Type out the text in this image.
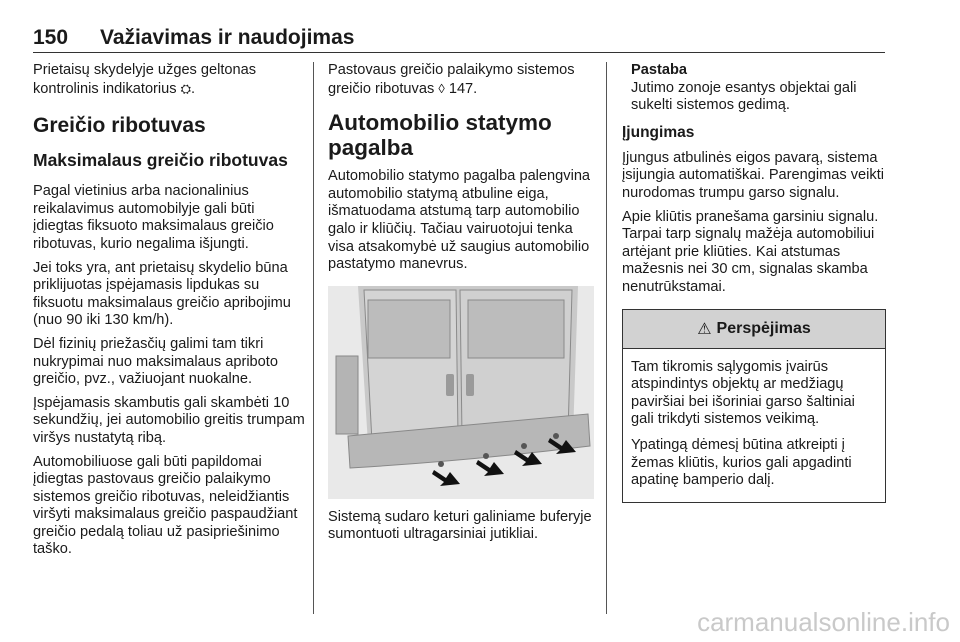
150 Važiavimas ir naudojimas

Prietaisų skydelyje užges geltonas kontrolinis indikatorius ⛭.

Greičio ribotuvas
Maksimalaus greičio ribotuvas

Pagal vietinius arba nacionalinius reikalavimus automobilyje gali būti įdiegtas fiksuoto maksimalaus greičio ribotuvas, kurio negalima išjungti.

Jei toks yra, ant prietaisų skydelio būna priklijuotas įspėjamasis lipdukas su fiksuotu maksimalaus greičio apribojimu (nuo 90 iki 130 km/h).

Dėl fizinių priežasčių galimi tam tikri nukrypimai nuo maksimalaus apriboto greičio, pvz., važiuojant nuokalne.

Įspėjamasis skambutis gali skambėti 10 sekundžių, jei automobilio greitis trumpam viršys nustatytą ribą.

Automobiliuose gali būti papildomai įdiegtas pastovaus greičio palaikymo sistemos greičio ribotuvas, neleidžiantis viršyti maksimalaus greičio paspaudžiant greičio pedalą toliau už pasipriešinimo taško.

Pastovaus greičio palaikymo sistemos greičio ribotuvas ◊ 147.

Automobilio statymo pagalba

Automobilio statymo pagalba palengvina automobilio statymą atbuline eiga, išmatuodama atstumą tarp automobilio galo ir kliūčių. Tačiau vairuotojui tenka visa atsakomybė už saugius automobilio pastatymo manevrus.

Sistemą sudaro keturi galiniame buferyje sumontuoti ultragarsiniai jutikliai.

Pastaba

Jutimo zonoje esantys objektai gali sukelti sistemos gedimą.

Įjungimas

Įjungus atbulinės eigos pavarą, sistema įsijungia automatiškai. Parengimas veikti nurodomas trumpu garso signalu.

Apie kliūtis pranešama garsiniu signalu. Tarpai tarp signalų mažėja automobiliui artėjant prie kliūties. Kai atstumas mažesnis nei 30 cm, signalas skamba nenutrūkstamai.

⚠ Perspėjimas

Tam tikromis sąlygomis įvairūs atspindintys objektų ar medžiagų paviršiai bei išoriniai garso šaltiniai gali trikdyti sistemos veikimą.

Ypatingą dėmesį būtina atkreipti į žemas kliūtis, kurios gali apgadinti apatinę bamperio dalį.

carmanualsonline.info
